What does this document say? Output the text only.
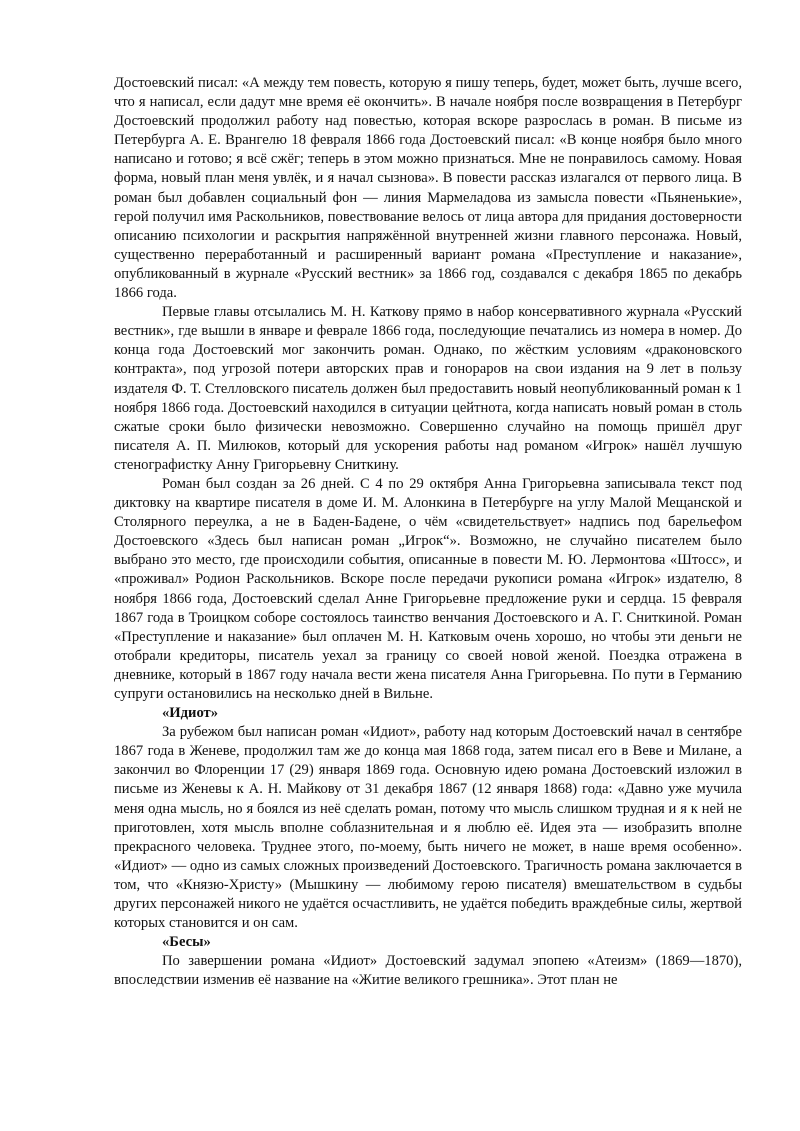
Достоевский писал: «А между тем повесть, которую я пишу теперь, будет, может быть, лучше всего, что я написал, если дадут мне время её окончить». В начале ноября после возвращения в Петербург Достоевский продолжил работу над повестью, которая вскоре разрослась в роман. В письме из Петербурга А. Е. Врангелю 18 февраля 1866 года Достоевский писал: «В конце ноября было много написано и готово; я всё сжёг; теперь в этом можно признаться. Мне не понравилось самому. Новая форма, новый план меня увлёк, и я начал сызнова». В повести рассказ излагался от первого лица. В роман был добавлен социальный фон — линия Мармеладова из замысла повести «Пьяненькие», герой получил имя Раскольников, повествование велось от лица автора для придания достоверности описанию психологии и раскрытия напряжённой внутренней жизни главного персонажа. Новый, существенно переработанный и расширенный вариант романа «Преступление и наказание», опубликованный в журнале «Русский вестник» за 1866 год, создавался с декабря 1865 по декабрь 1866 года.

Первые главы отсылались М. Н. Каткову прямо в набор консервативного журнала «Русский вестник», где вышли в январе и феврале 1866 года, последующие печатались из номера в номер. До конца года Достоевский мог закончить роман. Однако, по жёстким условиям «драконовского контракта», под угрозой потери авторских прав и гонораров на свои издания на 9 лет в пользу издателя Ф. Т. Стелловского писатель должен был предоставить новый неопубликованный роман к 1 ноября 1866 года. Достоевский находился в ситуации цейтнота, когда написать новый роман в столь сжатые сроки было физически невозможно. Совершенно случайно на помощь пришёл друг писателя А. П. Милюков, который для ускорения работы над романом «Игрок» нашёл лучшую стенографистку Анну Григорьевну Сниткину.

Роман был создан за 26 дней. С 4 по 29 октября Анна Григорьевна записывала текст под диктовку на квартире писателя в доме И. М. Алонкина в Петербурге на углу Малой Мещанской и Столярного переулка, а не в Баден-Бадене, о чём «свидетельствует» надпись под барельефом Достоевского «Здесь был написан роман „Игрок“». Возможно, не случайно писателем было выбрано это место, где происходили события, описанные в повести М. Ю. Лермонтова «Штосс», и «проживал» Родион Раскольников. Вскоре после передачи рукописи романа «Игрок» издателю, 8 ноября 1866 года, Достоевский сделал Анне Григорьевне предложение руки и сердца. 15 февраля 1867 года в Троицком соборе состоялось таинство венчания Достоевского и А. Г. Сниткиной. Роман «Преступление и наказание» был оплачен М. Н. Катковым очень хорошо, но чтобы эти деньги не отобрали кредиторы, писатель уехал за границу со своей новой женой. Поездка отражена в дневнике, который в 1867 году начала вести жена писателя Анна Григорьевна. По пути в Германию супруги остановились на несколько дней в Вильне.

«Идиот»

За рубежом был написан роман «Идиот», работу над которым Достоевский начал в сентябре 1867 года в Женеве, продолжил там же до конца мая 1868 года, затем писал его в Веве и Милане, а закончил во Флоренции 17 (29) января 1869 года. Основную идею романа Достоевский изложил в письме из Женевы к А. Н. Майкову от 31 декабря 1867 (12 января 1868) года: «Давно уже мучила меня одна мысль, но я боялся из неё сделать роман, потому что мысль слишком трудная и я к ней не приготовлен, хотя мысль вполне соблазнительная и я люблю её. Идея эта — изобразить вполне прекрасного человека. Труднее этого, по-моему, быть ничего не может, в наше время особенно». «Идиот» — одно из самых сложных произведений Достоевского. Трагичность романа заключается в том, что «Князю-Христу» (Мышкину — любимому герою писателя) вмешательством в судьбы других персонажей никого не удаётся осчастливить, не удаётся победить враждебные силы, жертвой которых становится и он сам.

«Бесы»

По завершении романа «Идиот» Достоевский задумал эпопею «Атеизм» (1869—1870), впоследствии изменив её название на «Житие великого грешника». Этот план не
